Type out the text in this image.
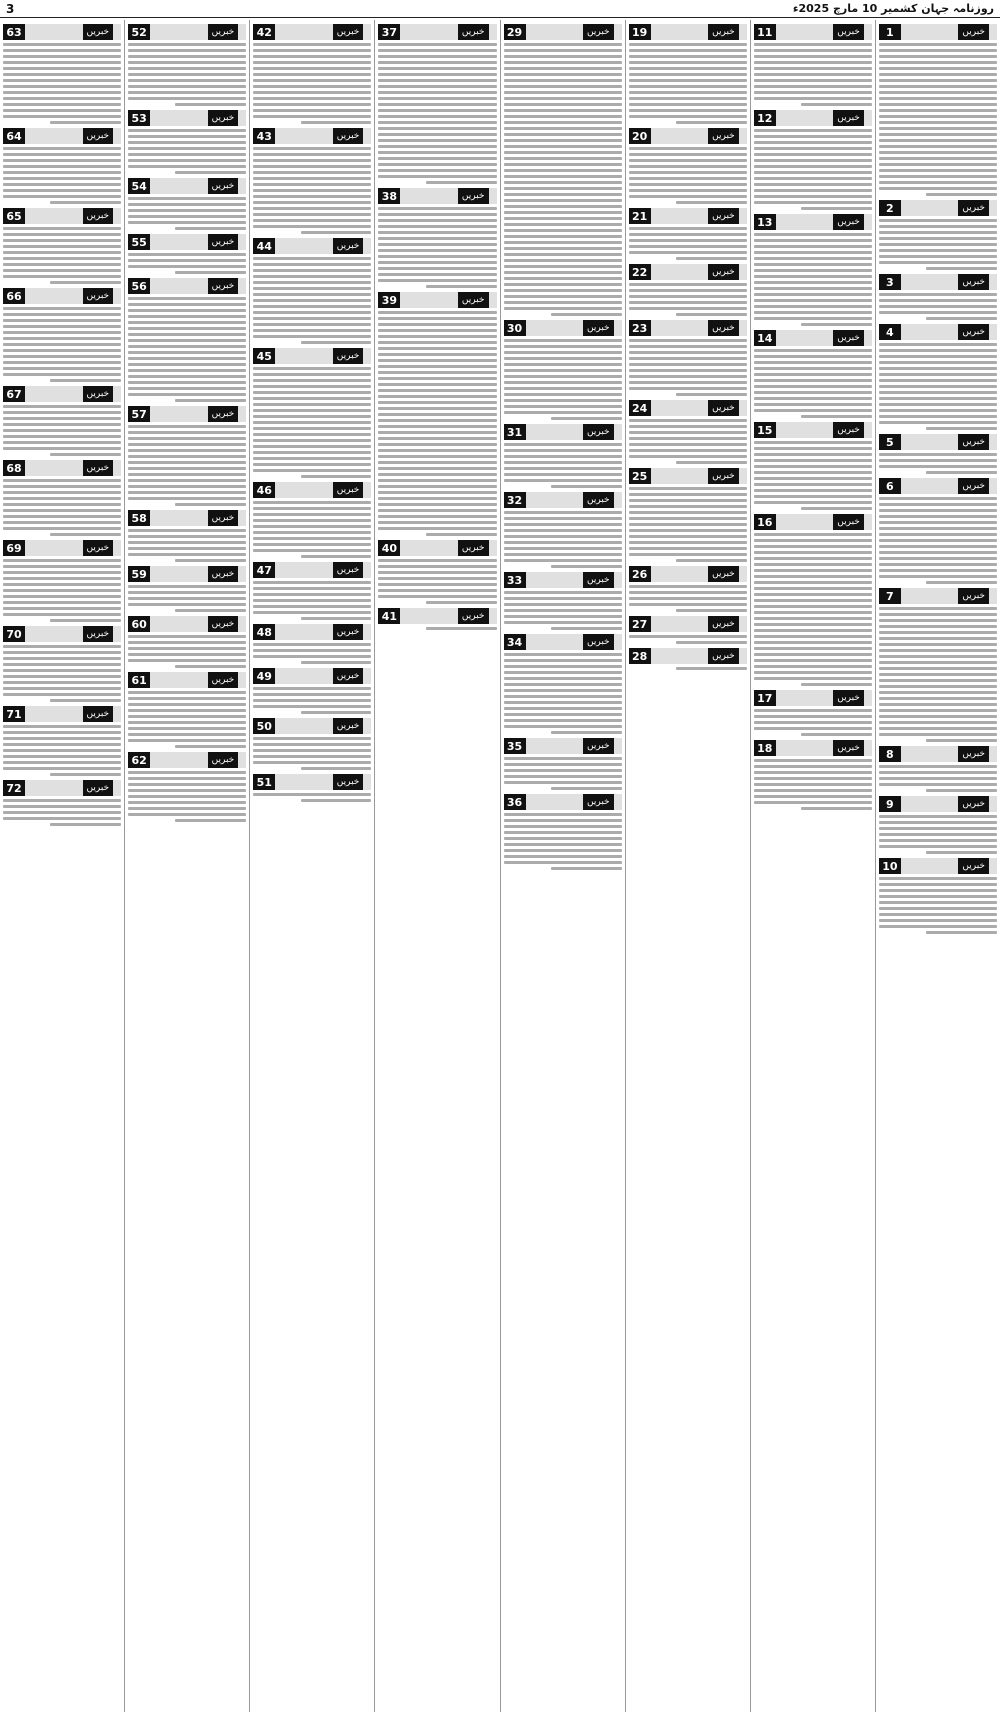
3	روزنامہ جہان کشمیر 10 مارچ 2025ء
1	خبریں
2	خبریں
3	خبریں
4	خبریں
5	خبریں
6	خبریں
7	خبریں
8	خبریں
9	خبریں
10	خبریں
11	خبریں
12	خبریں
13	خبریں
14	خبریں
15	خبریں
16	خبریں
17	خبریں
18	خبریں
19	خبریں
20	خبریں
21	خبریں
22	خبریں
23	خبریں
24	خبریں
25	خبریں
26	خبریں
27	خبریں
28	خبریں
29	خبریں
30	خبریں
31	خبریں
32	خبریں
33	خبریں
34	خبریں
35	خبریں
36	خبریں
37	خبریں
38	خبریں
39	خبریں
40	خبریں
41	خبریں
42	خبریں
43	خبریں
44	خبریں
45	خبریں
46	خبریں
47	خبریں
48	خبریں
49	خبریں
50	خبریں
51	خبریں
52	خبریں
53	خبریں
54	خبریں
55	خبریں
56	خبریں
57	خبریں
58	خبریں
59	خبریں
60	خبریں
61	خبریں
62	خبریں
63	خبریں
64	خبریں
65	خبریں
66	خبریں
67	خبریں
68	خبریں
69	خبریں
70	خبریں
71	خبریں
72	خبریں
